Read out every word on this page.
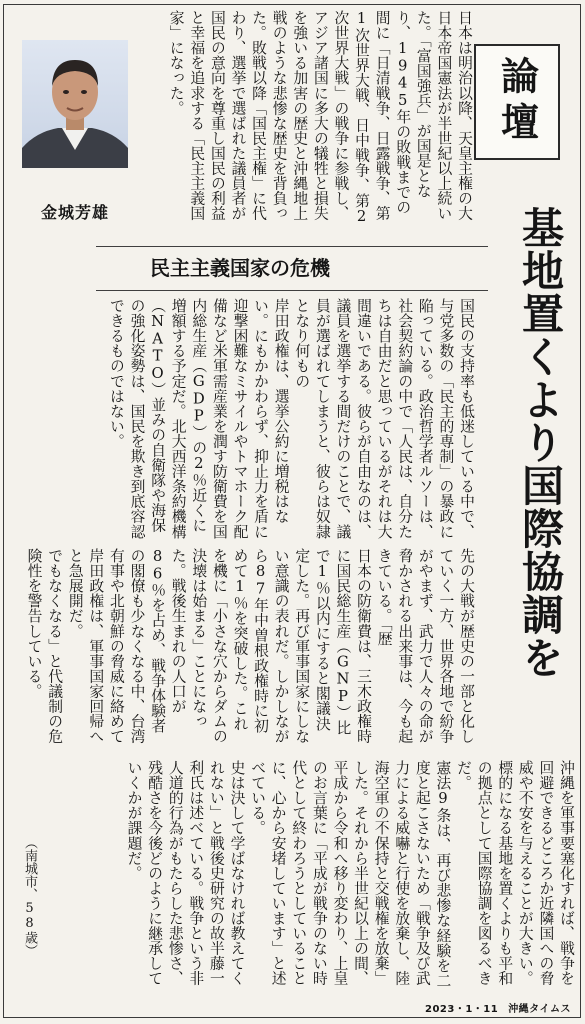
論壇
基地置くより国際協調を
金城芳雄
民主主義国家の危機
日本は明治以降、天皇主権の大日本帝国憲法が半世紀以上続いた。「富国強兵」が国是となり、1945年の敗戦までの間に「日清戦争、日露戦争、第1次世界大戦、日中戦争、第2次世界大戦」の戦争に参戦し、アジア諸国に多大の犠牲と損失を強いる加害の歴史と沖縄地上戦のような悲惨な歴史を背負った。敗戦以降「国民主権」に代わり、選挙で選ばれた議員者が国民の意向を尊重し国民の利益と幸福を追求する「民主主義国家」になった。
国民の支持率も低迷している中で、与党多数の「民主的専制」の暴政に陥っている。政治哲学者ルソーは、社会契約論の中で「人民は、自分たちは自由だと思っているがそれは大間違いである。彼らが自由なのは、議員を選挙する間だけのことで、議員が選ばれてしまうと、彼らは奴隷となり何もの
岸田政権は、選挙公約に増税はない。にもかかわらず、抑止力を盾に迎撃困難なミサイルやトマホーク配備など米軍需産業を潤す防衛費を国内総生産（GDP）の2％近くに増額する予定だ。北大西洋条約機構（NATO）並みの自衛隊や海保の強化姿勢は、国民を欺き到底容認できるものではない。
先の大戦が歴史の一部と化していく一方、世界各地で紛争がやまず、武力で人々の命が脅かされる出来事は、今も起きている。「歴
日本の防衛費は、三木政権時に国民総生産（GNP）比で1％以内にすると閣議決定した。再び軍事国家にしない意識の表れだ。しかしながら87年中曽根政権時に初めて1％を突破した。これを機に「小さな穴からダムの決壊は始まる」ことになった。戦後生まれの人口が86％を占め、戦争体験者の閣僚も少なくなる中、台湾有事や北朝鮮の脅威に絡めて岸田政権は、軍事国家回帰へと急展開だ。
でもなくなる」と代議制の危険性を警告している。
沖縄を軍事要塞化すれば、戦争を回避できるどころか近隣国への脅威や不安を与えることが大きい。標的になる基地を置くよりも平和の拠点として国際協調を図るべきだ。
憲法9条は、再び悲惨な経験を二度と起こさないため「戦争及び武力による威嚇と行使を放棄し、陸海空軍の不保持と交戦権を放棄」した。それから半世紀以上の間、平成から令和へ移り変わり、上皇のお言葉に「平成が戦争のない時代として終わろうとしていることに、心から安堵しています」と述べている。
史は決して学ばなければ教えてくれない」と戦後史研究の故半藤一利氏は述べている。戦争という非人道的行為がもたらした悲惨さ、残酷さを今後どのように継承していくかが課題だ。
（南城市、58歳）
2023・1・11 沖縄タイムス
